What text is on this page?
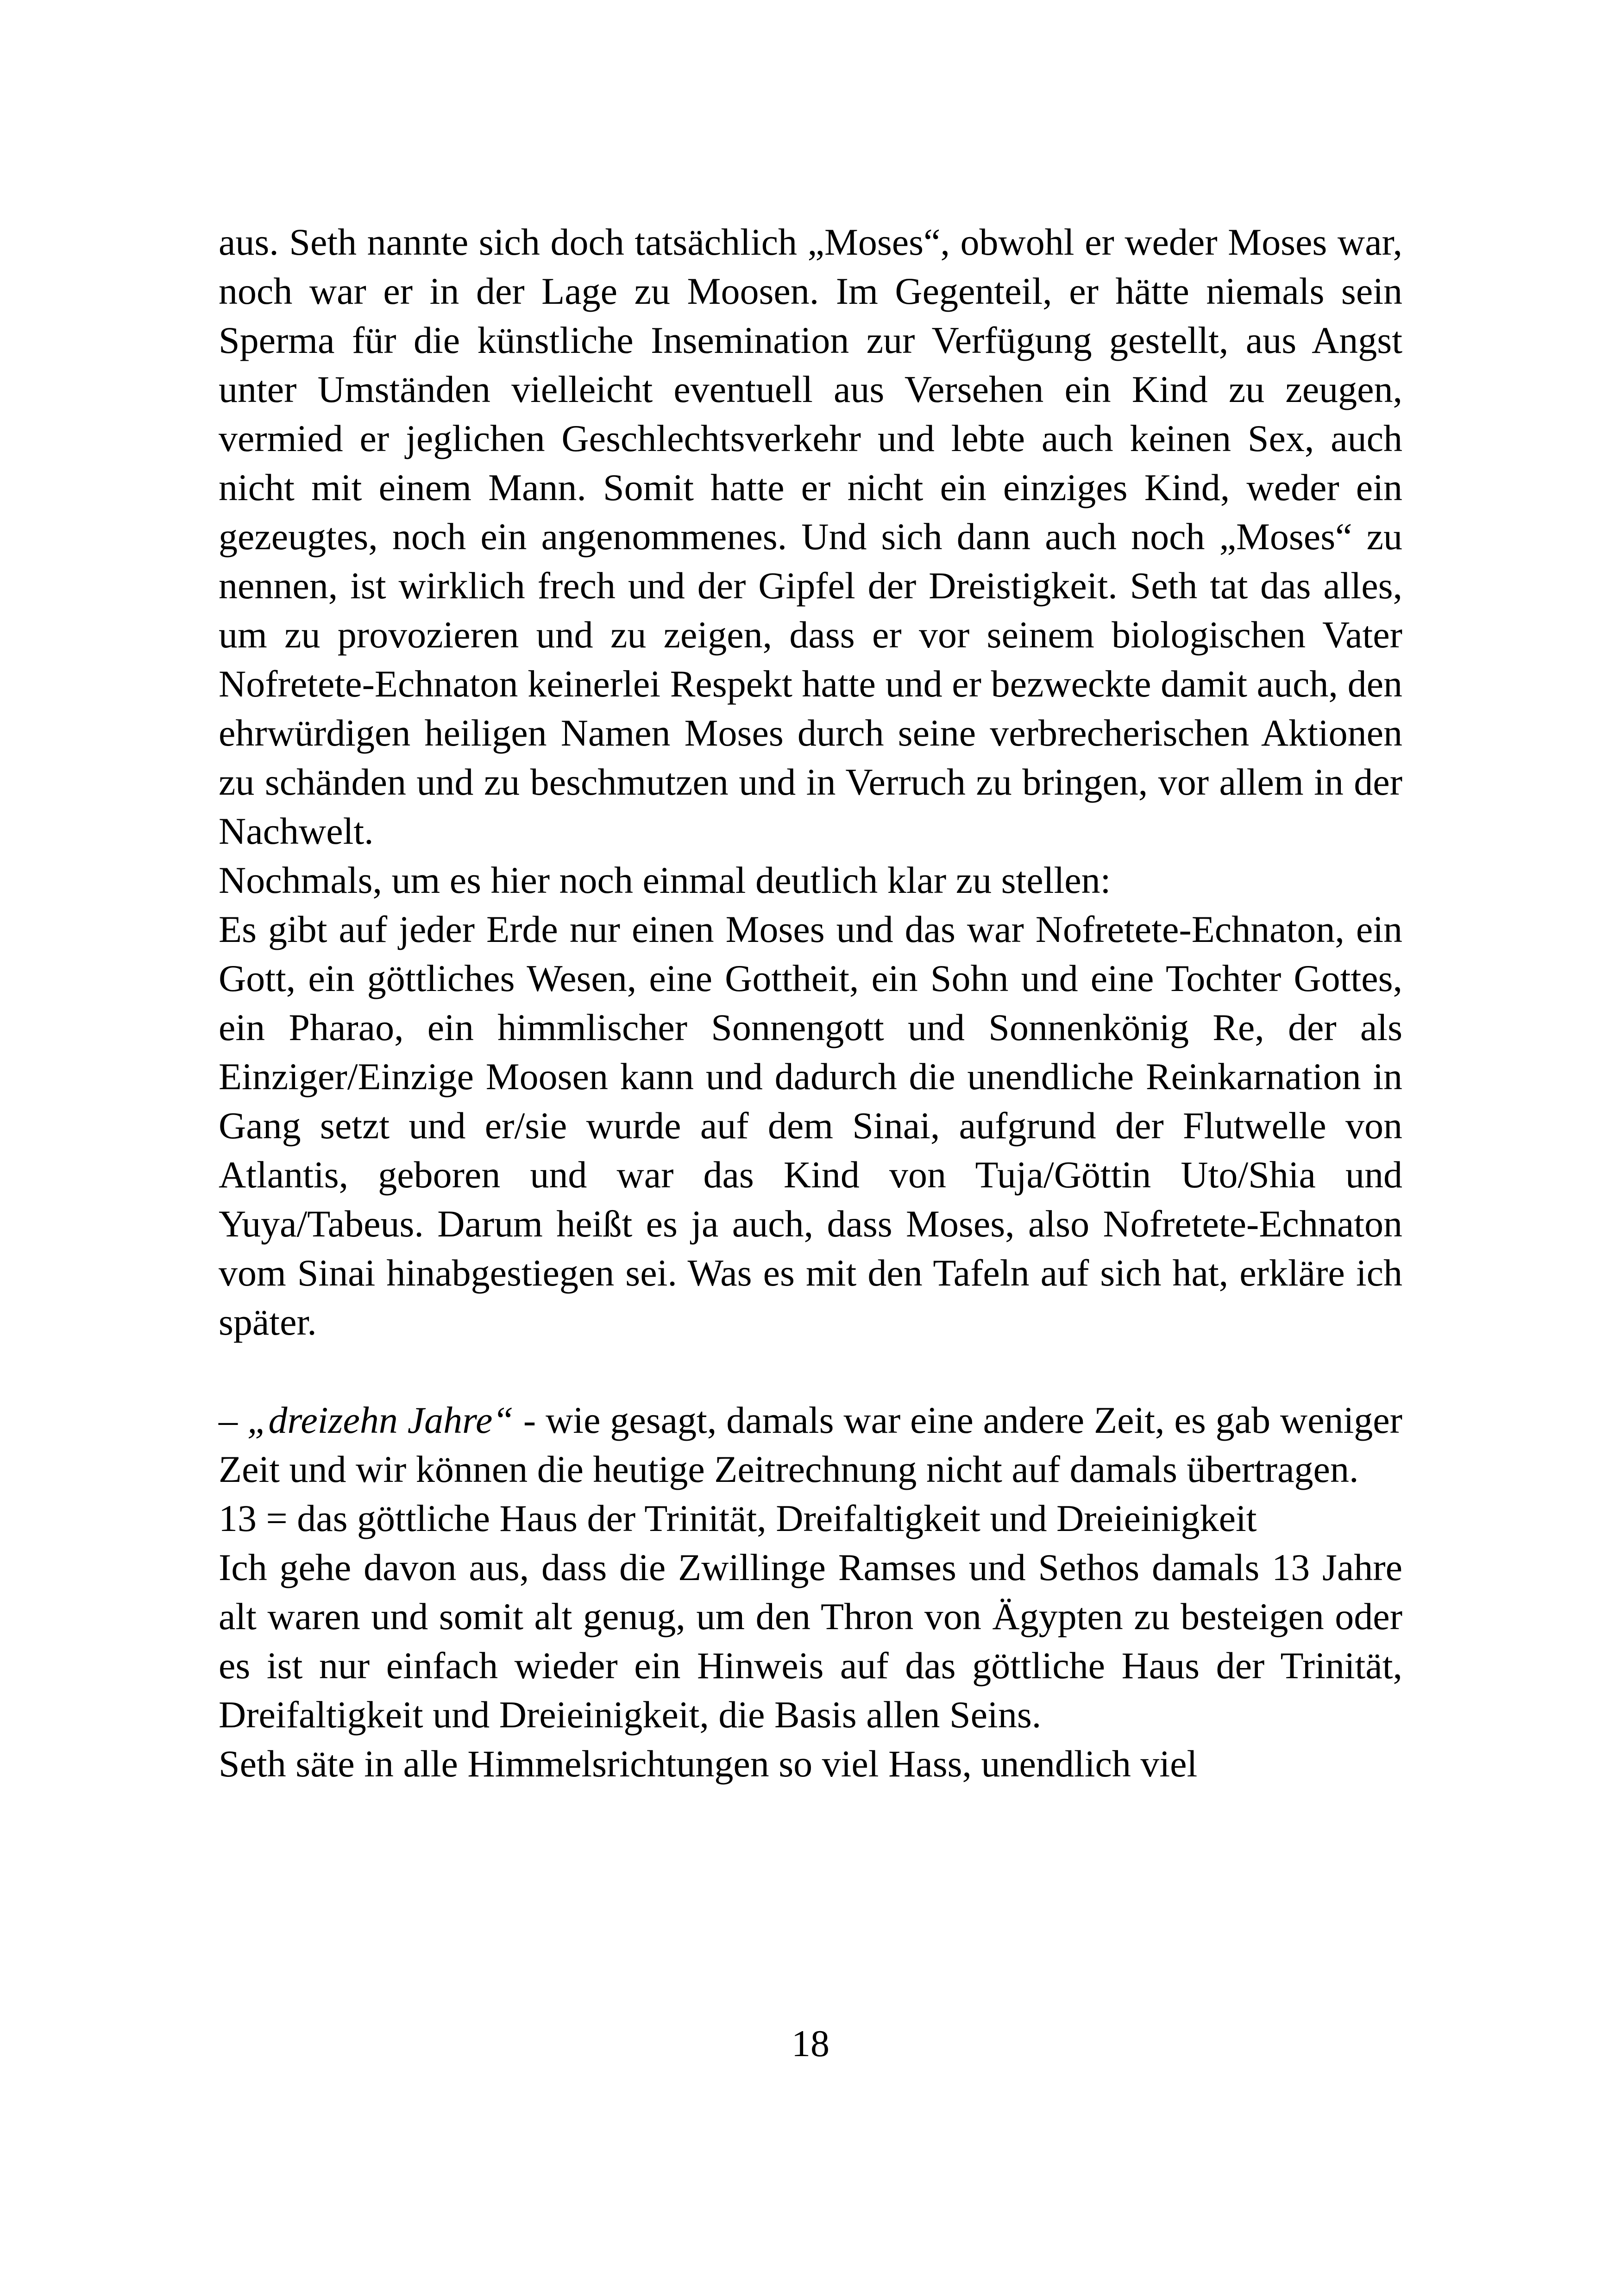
aus. Seth nannte sich doch tatsächlich „Moses“, obwohl er weder Moses war, noch war er in der Lage zu Moosen. Im Gegenteil, er hätte niemals sein Sperma für die künstliche Insemination zur Verfügung gestellt, aus Angst unter Umständen vielleicht eventuell aus Versehen ein Kind zu zeugen, vermied er jeglichen Geschlechtsverkehr und lebte auch keinen Sex, auch nicht mit einem Mann. Somit hatte er nicht ein einziges Kind, weder ein gezeugtes, noch ein angenommenes. Und sich dann auch noch „Moses“ zu nennen, ist wirklich frech und der Gipfel der Dreistigkeit. Seth tat das alles, um zu provozieren und zu zeigen, dass er vor seinem biologischen Vater Nofretete-Echnaton keinerlei Respekt hatte und er bezweckte damit auch, den ehrwürdigen heiligen Namen Moses durch seine verbrecherischen Aktionen zu schänden und zu beschmutzen und in Verruch zu bringen, vor allem in der Nachwelt.

Nochmals, um es hier noch einmal deutlich klar zu stellen:

Es gibt auf jeder Erde nur einen Moses und das war Nofretete-Echnaton, ein Gott, ein göttliches Wesen, eine Gottheit, ein Sohn und eine Tochter Gottes, ein Pharao, ein himmlischer Sonnengott und Sonnenkönig Re, der als Einziger/Einzige Moosen kann und dadurch die unendliche Reinkarnation in Gang setzt und er/sie wurde auf dem Sinai, aufgrund der Flutwelle von Atlantis, geboren und war das Kind von Tuja/Göttin Uto/Shia und Yuya/Tabeus. Darum heißt es ja auch, dass Moses, also Nofretete-Echnaton vom Sinai hinabgestiegen sei. Was es mit den Tafeln auf sich hat, erkläre ich später.

– „dreizehn Jahre“ - wie gesagt, damals war eine andere Zeit, es gab weniger Zeit und wir können die heutige Zeitrechnung nicht auf damals übertragen.

13 = das göttliche Haus der Trinität, Dreifaltigkeit und Dreieinigkeit

Ich gehe davon aus, dass die Zwillinge Ramses und Sethos damals 13 Jahre alt waren und somit alt genug, um den Thron von Ägypten zu besteigen oder es ist nur einfach wieder ein Hinweis auf das göttliche Haus der Trinität, Dreifaltigkeit und Dreieinigkeit, die Basis allen Seins.

Seth säte in alle Himmelsrichtungen so viel Hass, unendlich viel

18
